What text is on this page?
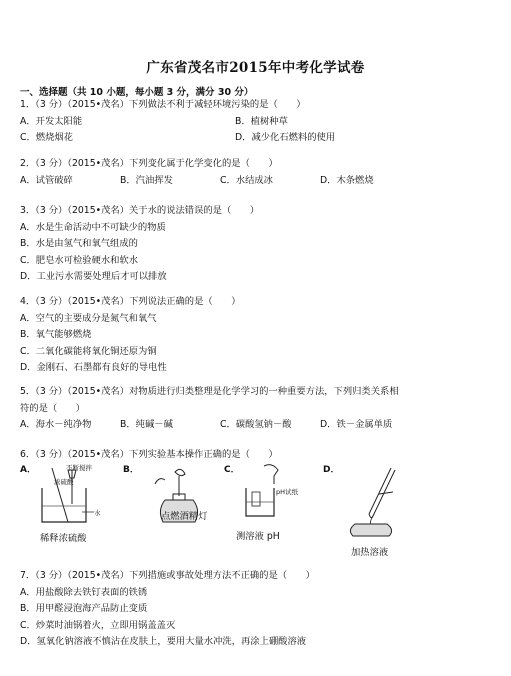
广东省茂名市2015年中考化学试卷
一、选择题（共 10 小题，每小题 3 分，满分 30 分）
1．（3 分）（2015•茂名）下列做法不利于减轻环境污染的是（　　）
A．开发太阳能	B．植树种草
C．燃烧烟花	D．减少化石燃料的使用
2．（3 分）（2015•茂名）下列变化属于化学变化的是（　　）
A．试管破碎	B．汽油挥发	C．水结成冰	D．木条燃烧
3．（3 分）（2015•茂名）关于水的说法错误的是（　　）
A．水是生命活动中不可缺少的物质
B．水是由氢气和氧气组成的
C．肥皂水可检验硬水和软水
D．工业污水需要处理后才可以排放
4．（3 分）（2015•茂名）下列说法正确的是（　　）
A．空气的主要成分是氮气和氧气
B．氧气能够燃烧
C．二氧化碳能将氧化铜还原为铜
D．金刚石、石墨都有良好的导电性
5．（3 分）（2015•茂名）对物质进行归类整理是化学学习的一种重要方法，下列归类关系相
符的是（　　）
A．海水－纯净物	B．纯碱－碱	C．碳酸氢钠－酸	D．铁－金属单质
6．（3 分）（2015•茂名）下列实验基本操作正确的是（　　）
A．	不断搅拌
浓硫酸
水
稀释浓硫酸
B．
点燃酒精灯
C．
pH试纸
测溶液 pH
D．
加热溶液
7．（3 分）（2015•茂名）下列措施或事故处理方法不正确的是（　　）
A．用盐酸除去铁钉表面的铁锈
B．用甲醛浸泡海产品防止变质
C．炒菜时油锅着火，立即用锅盖盖灭
D．氢氧化钠溶液不慎沾在皮肤上，要用大量水冲洗，再涂上硼酸溶液
